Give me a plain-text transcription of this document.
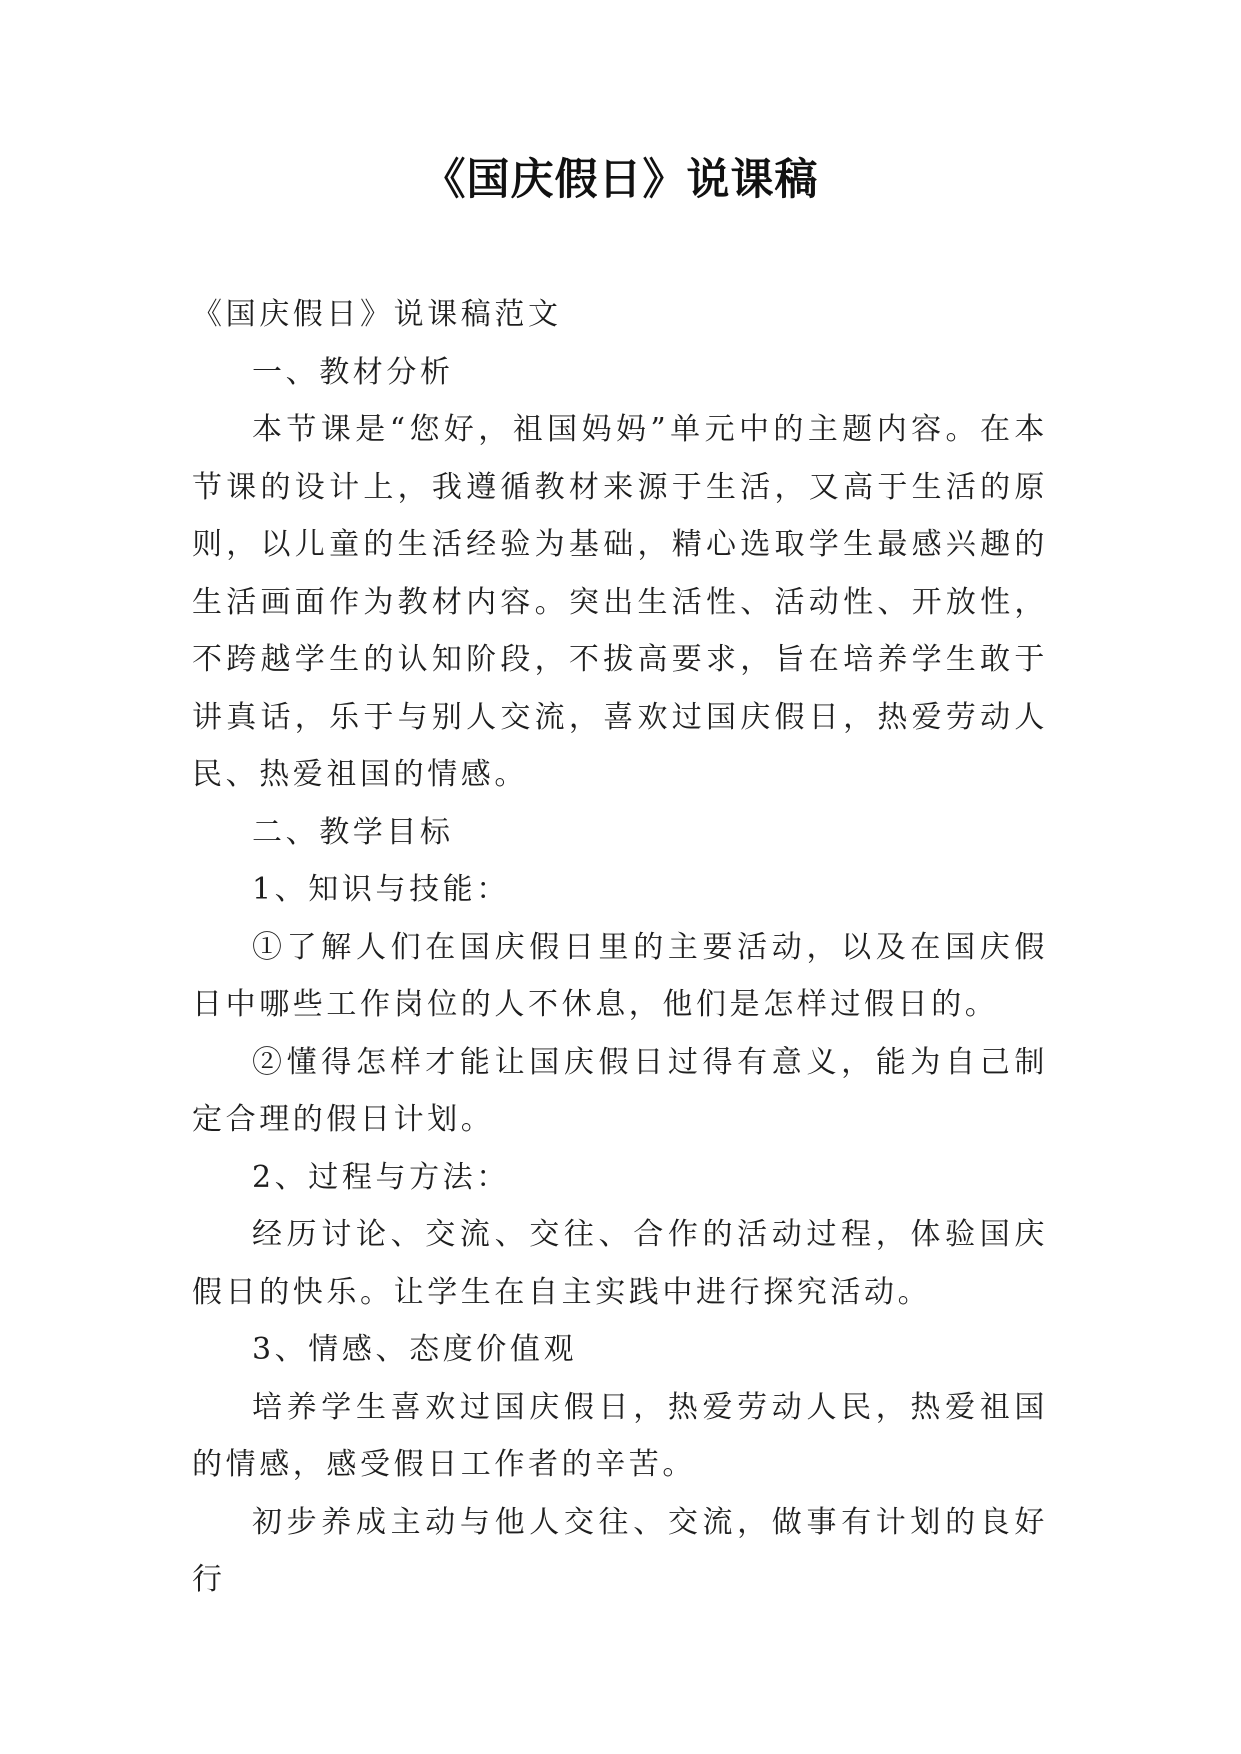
《国庆假日》说课稿

《国庆假日》说课稿范文

一、教材分析

本节课是“您好，祖国妈妈”单元中的主题内容。在本节课的设计上，我遵循教材来源于生活，又高于生活的原则，以儿童的生活经验为基础，精心选取学生最感兴趣的生活画面作为教材内容。突出生活性、活动性、开放性，不跨越学生的认知阶段，不拔高要求，旨在培养学生敢于讲真话，乐于与别人交流，喜欢过国庆假日，热爱劳动人民、热爱祖国的情感。

二、教学目标

1、知识与技能：

①了解人们在国庆假日里的主要活动，以及在国庆假日中哪些工作岗位的人不休息，他们是怎样过假日的。

②懂得怎样才能让国庆假日过得有意义，能为自己制定合理的假日计划。

2、过程与方法：

经历讨论、交流、交往、合作的活动过程，体验国庆假日的快乐。让学生在自主实践中进行探究活动。

3、情感、态度价值观

培养学生喜欢过国庆假日，热爱劳动人民，热爱祖国的情感，感受假日工作者的辛苦。

初步养成主动与他人交往、交流，做事有计划的良好行
